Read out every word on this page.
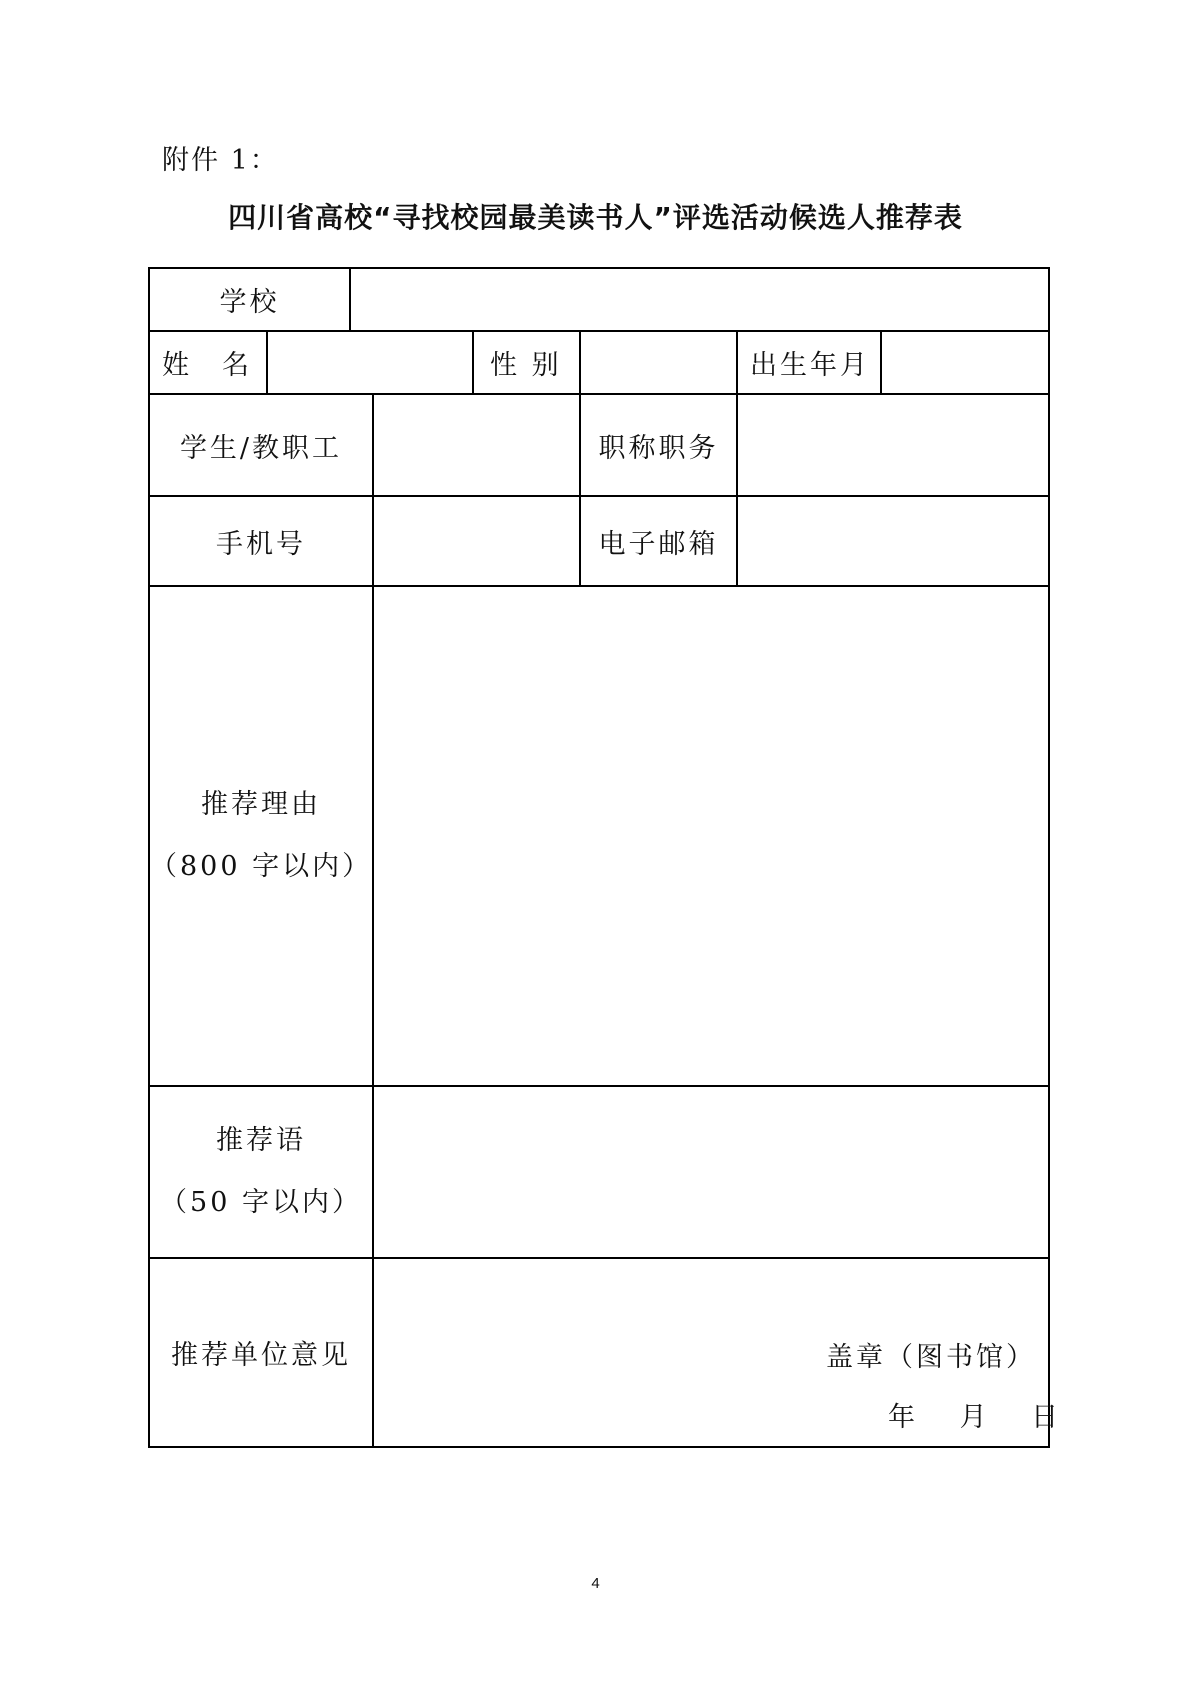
附件 1：
四川省高校“寻找校园最美读书人”评选活动候选人推荐表
学校
姓　名	性 别	出生年月
学生/教职工	职称职务
手机号	电子邮箱
推荐理由
（800 字以内）
推荐语
（50 字以内）
推荐单位意见	盖章（图书馆）
年　 月　 日
4
